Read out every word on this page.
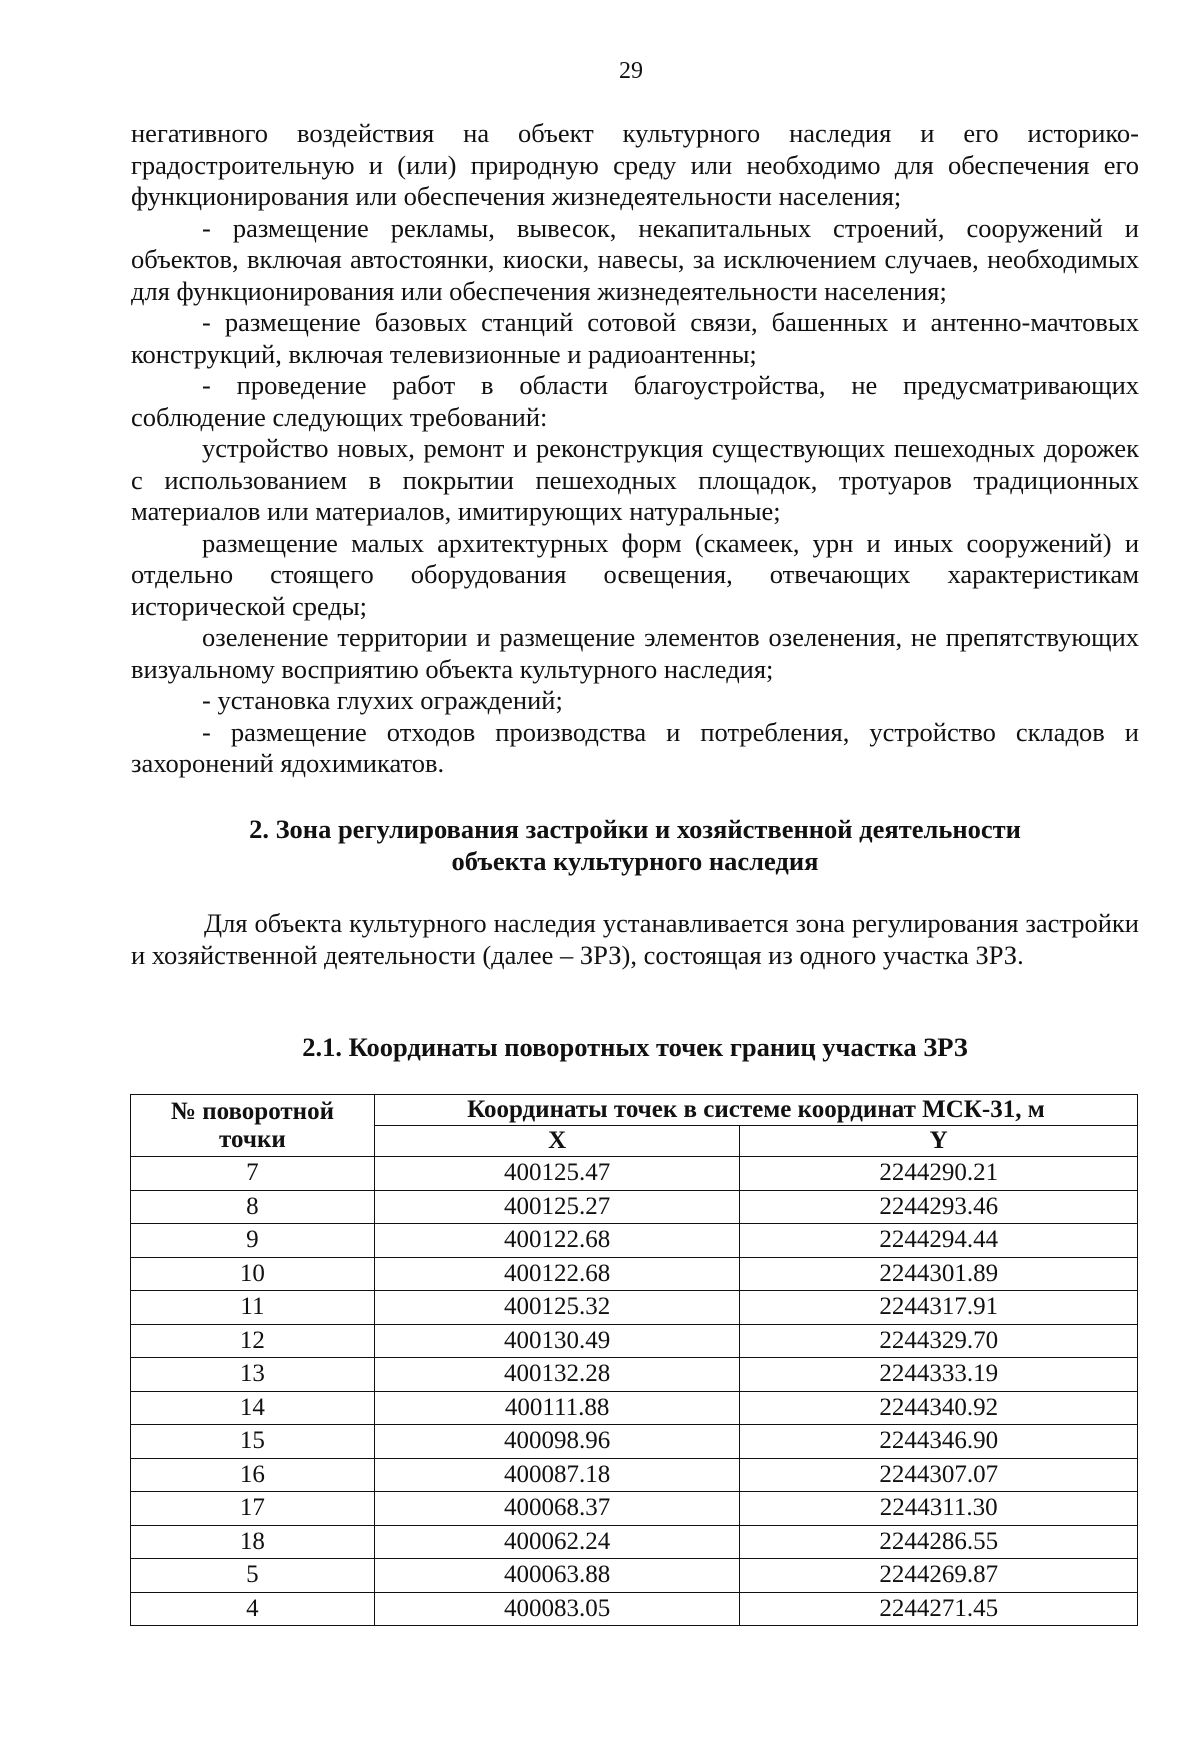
29

негативного воздействия на объект культурного наследия и его историко-градостроительную и (или) природную среду или необходимо для обеспечения его функционирования или обеспечения жизнедеятельности населения;

- размещение рекламы, вывесок, некапитальных строений, сооружений и объектов, включая автостоянки, киоски, навесы, за исключением случаев, необходимых для функционирования или обеспечения жизнедеятельности населения;

- размещение базовых станций сотовой связи, башенных и антенно-мачтовых конструкций, включая телевизионные и радиоантенны;

- проведение работ в области благоустройства, не предусматривающих соблюдение следующих требований:

устройство новых, ремонт и реконструкция существующих пешеходных дорожек с использованием в покрытии пешеходных площадок, тротуаров традиционных материалов или материалов, имитирующих натуральные;

размещение малых архитектурных форм (скамеек, урн и иных сооружений) и отдельно стоящего оборудования освещения, отвечающих характеристикам исторической среды;

озеленение территории и размещение элементов озеленения, не препятствующих визуальному восприятию объекта культурного наследия;

- установка глухих ограждений;

- размещение отходов производства и потребления, устройство складов и захоронений ядохимикатов.

2. Зона регулирования застройки и хозяйственной деятельности
объекта культурного наследия

Для объекта культурного наследия устанавливается зона регулирования застройки и хозяйственной деятельности (далее – ЗРЗ), состоящая из одного участка ЗРЗ.

2.1. Координаты поворотных точек границ участка ЗРЗ
№ поворотной
точки	Координаты точек в системе координат МСК-31, м	
	X	Y
7	400125.47	2244290.21
8	400125.27	2244293.46
9	400122.68	2244294.44
10	400122.68	2244301.89
11	400125.32	2244317.91
12	400130.49	2244329.70
13	400132.28	2244333.19
14	400111.88	2244340.92
15	400098.96	2244346.90
16	400087.18	2244307.07
17	400068.37	2244311.30
18	400062.24	2244286.55
5	400063.88	2244269.87
4	400083.05	2244271.45
